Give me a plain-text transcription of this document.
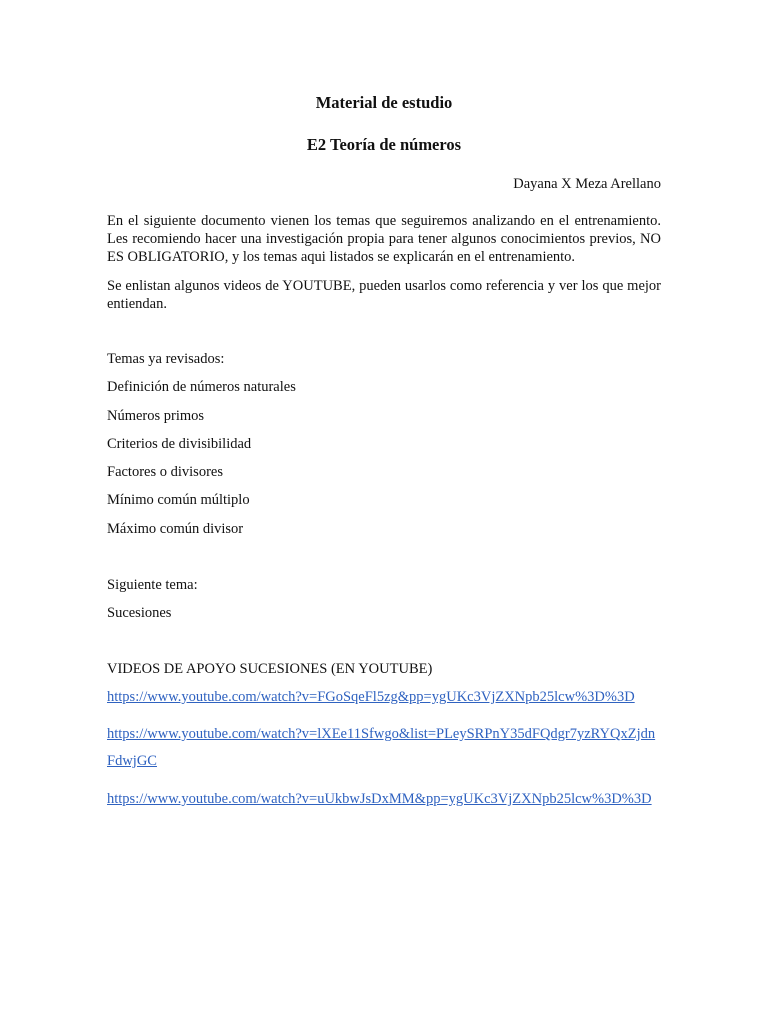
Material de estudio
E2 Teoría de números
Dayana X Meza Arellano

En el siguiente documento vienen los temas que seguiremos analizando en el entrenamiento. Les recomiendo hacer una investigación propia para tener algunos conocimientos previos, NO ES OBLIGATORIO, y los temas aqui listados se explicarán en el entrenamiento.

Se enlistan algunos videos de YOUTUBE, pueden usarlos como referencia y ver los que mejor entiendan.

Temas ya revisados:
Definición de números naturales
Números primos
Criterios de divisibilidad
Factores o divisores
Mínimo común múltiplo
Máximo común divisor
Siguiente tema:
Sucesiones
VIDEOS DE APOYO SUCESIONES (EN YOUTUBE)
https://www.youtube.com/watch?v=FGoSqeFl5zg&pp=ygUKc3VjZXNpb25lcw%3D%3D
https://www.youtube.com/watch?v=lXEe11Sfwgo&list=PLeySRPnY35dFQdgr7yzRYQxZjdnFdwjGC
https://www.youtube.com/watch?v=uUkbwJsDxMM&pp=ygUKc3VjZXNpb25lcw%3D%3D
